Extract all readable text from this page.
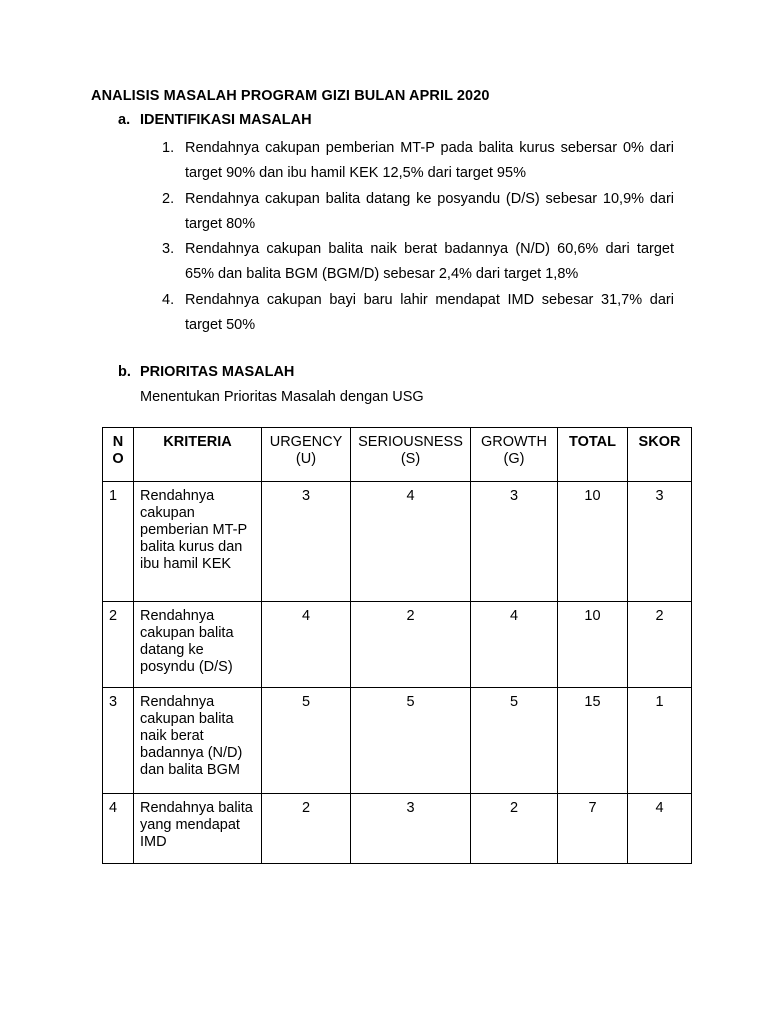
ANALISIS MASALAH PROGRAM GIZI BULAN APRIL 2020
a. IDENTIFIKASI MASALAH
1. Rendahnya cakupan pemberian MT-P pada balita kurus sebersar 0% dari target 90% dan ibu hamil KEK 12,5% dari target 95%
2. Rendahnya cakupan balita datang ke posyandu (D/S) sebesar 10,9% dari target 80%
3. Rendahnya cakupan balita naik berat badannya (N/D) 60,6% dari target 65% dan balita BGM (BGM/D) sebesar 2,4% dari target 1,8%
4. Rendahnya cakupan bayi baru lahir mendapat IMD sebesar 31,7% dari target 50%
b. PRIORITAS MASALAH
Menentukan Prioritas Masalah dengan USG
NO	KRITERIA	URGENCY (U)	SERIOUSNESS (S)	GROWTH (G)	TOTAL	SKOR
1	Rendahnya cakupan pemberian MT-P balita kurus dan ibu hamil KEK	3	4	3	10	3
2	Rendahnya cakupan balita datang ke posyndu (D/S)	4	2	4	10	2
3	Rendahnya cakupan balita naik berat badannya (N/D) dan balita BGM	5	5	5	15	1
4	Rendahnya balita yang mendapat IMD	2	3	2	7	4
